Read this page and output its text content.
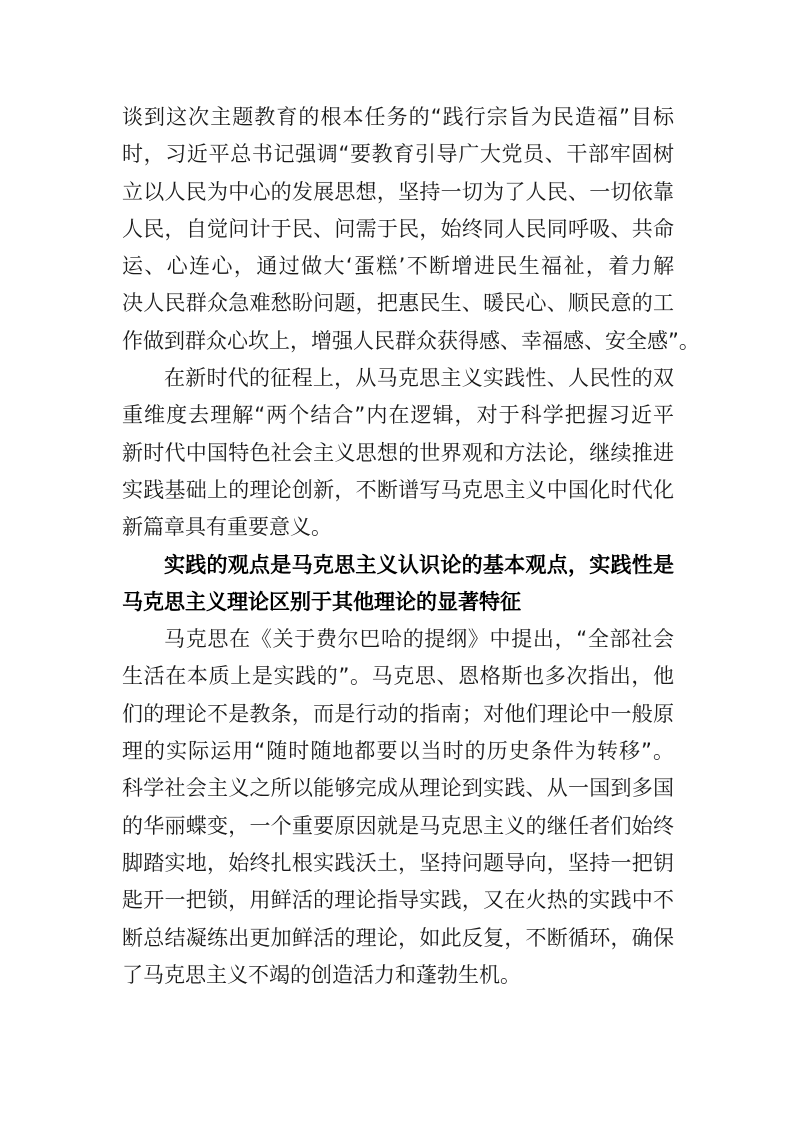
谈到这次主题教育的根本任务的“践行宗旨为民造福”目标
时，习近平总书记强调“要教育引导广大党员、干部牢固树
立以人民为中心的发展思想，坚持一切为了人民、一切依靠
人民，自觉问计于民、问需于民，始终同人民同呼吸、共命
运、心连心，通过做大‘蛋糕’不断增进民生福祉，着力解
决人民群众急难愁盼问题，把惠民生、暖民心、顺民意的工
作做到群众心坎上，增强人民群众获得感、幸福感、安全感”。
在新时代的征程上，从马克思主义实践性、人民性的双
重维度去理解“两个结合”内在逻辑，对于科学把握习近平
新时代中国特色社会主义思想的世界观和方法论，继续推进
实践基础上的理论创新，不断谱写马克思主义中国化时代化
新篇章具有重要意义。
实践的观点是马克思主义认识论的基本观点，实践性是
马克思主义理论区别于其他理论的显著特征
马克思在《关于费尔巴哈的提纲》中提出，“全部社会
生活在本质上是实践的”。马克思、恩格斯也多次指出，他
们的理论不是教条，而是行动的指南；对他们理论中一般原
理的实际运用“随时随地都要以当时的历史条件为转移”。
科学社会主义之所以能够完成从理论到实践、从一国到多国
的华丽蝶变，一个重要原因就是马克思主义的继任者们始终
脚踏实地，始终扎根实践沃土，坚持问题导向，坚持一把钥
匙开一把锁，用鲜活的理论指导实践，又在火热的实践中不
断总结凝练出更加鲜活的理论，如此反复，不断循环，确保
了马克思主义不竭的创造活力和蓬勃生机。
